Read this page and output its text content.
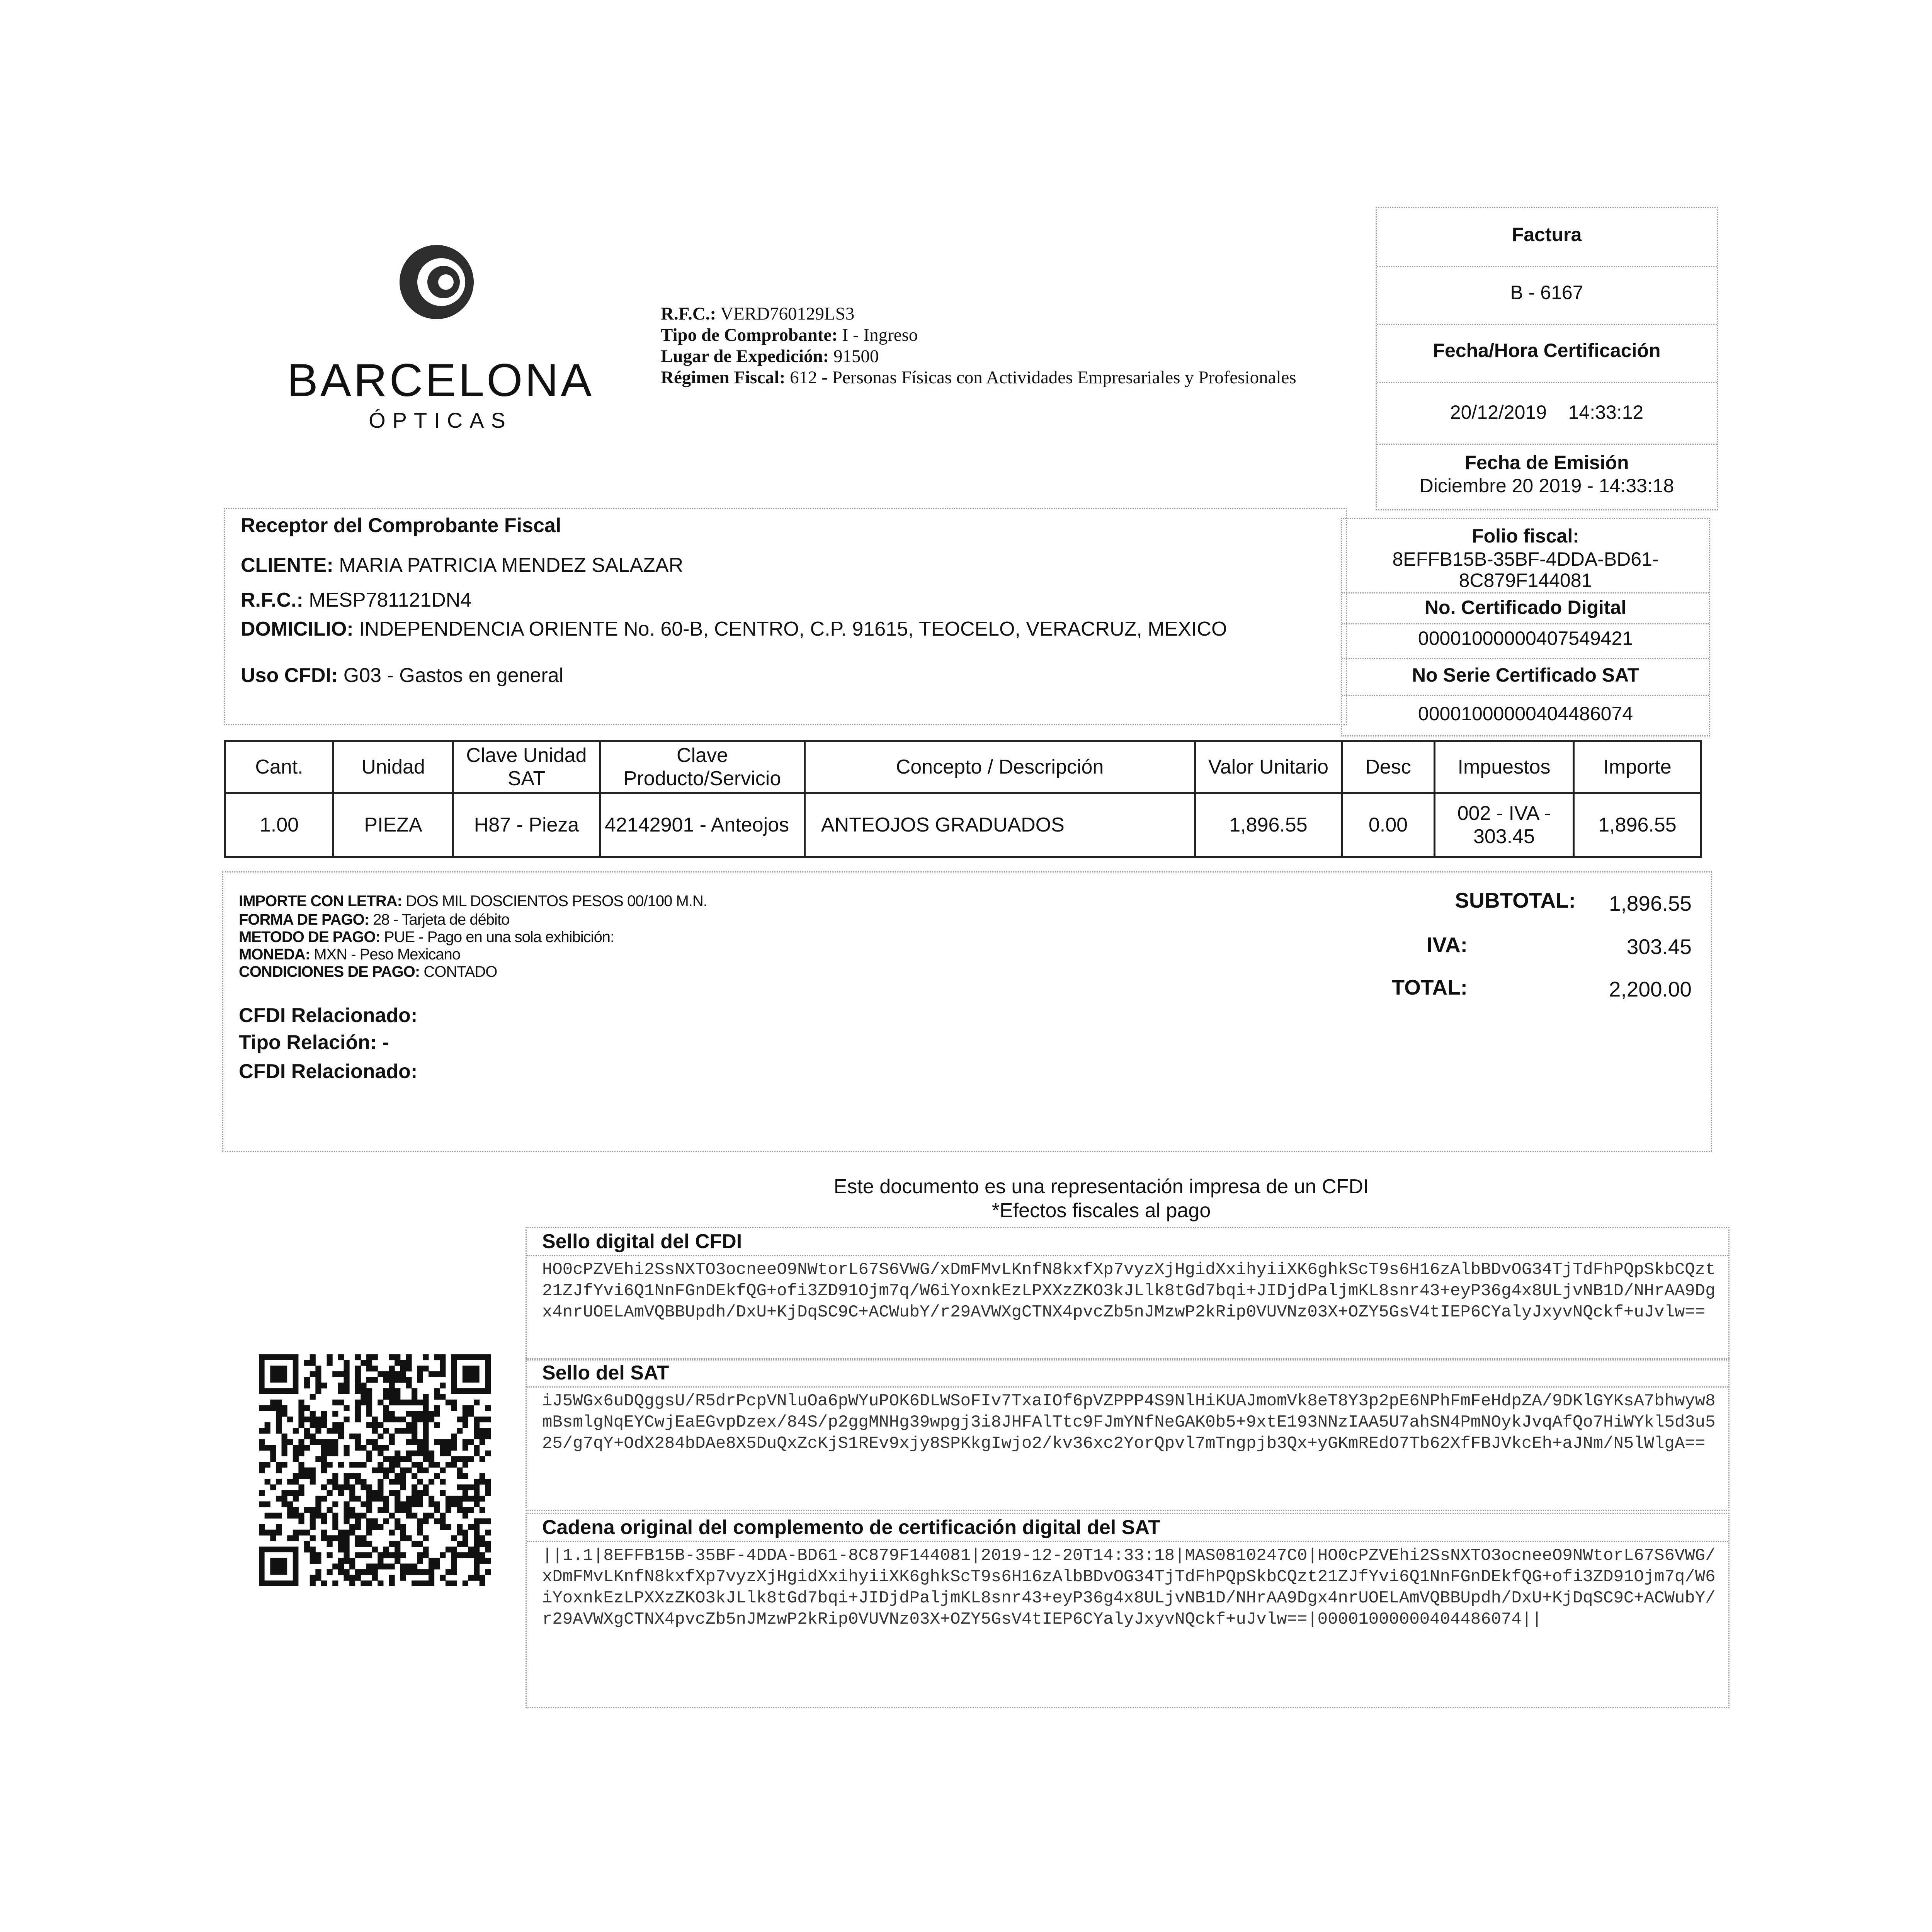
BARCELONA
ÓPTICAS
R.F.C.: VERD760129LS3
Tipo de Comprobante: I - Ingreso
Lugar de Expedición: 91500
Régimen Fiscal: 612 - Personas Físicas con Actividades Empresariales y Profesionales
Factura
B - 6167
Fecha/Hora Certificación
20/12/2019 14:33:12
Fecha de Emisión
Diciembre 20 2019 - 14:33:18
Receptor del Comprobante Fiscal
CLIENTE: MARIA PATRICIA MENDEZ SALAZAR
R.F.C.: MESP781121DN4
DOMICILIO: INDEPENDENCIA ORIENTE No. 60-B, CENTRO, C.P. 91615, TEOCELO, VERACRUZ, MEXICO
Uso CFDI: G03 - Gastos en general
Folio fiscal:
8EFFB15B-35BF-4DDA-BD61-
8C879F144081
No. Certificado Digital
00001000000407549421
No Serie Certificado SAT
00001000000404486074
Cant.	Unidad	Clave Unidad SAT	Clave Producto/Servicio	Concepto / Descripción	Valor Unitario	Desc	Impuestos	Importe
1.00	PIEZA	H87 - Pieza	42142901 - Anteojos	ANTEOJOS GRADUADOS	1,896.55	0.00	002 - IVA - 303.45	1,896.55
IMPORTE CON LETRA: DOS MIL DOSCIENTOS PESOS 00/100 M.N.
FORMA DE PAGO: 28 - Tarjeta de débito
METODO DE PAGO: PUE - Pago en una sola exhibición:
MONEDA: MXN - Peso Mexicano
CONDICIONES DE PAGO: CONTADO
CFDI Relacionado:
Tipo Relación: -
CFDI Relacionado:
SUBTOTAL:	1,896.55
IVA:	303.45
TOTAL:	2,200.00
Este documento es una representación impresa de un CFDI
*Efectos fiscales al pago
Sello digital del CFDI
HO0cPZVEhi2SsNXTO3ocneeO9NWtorL67S6VWG/xDmFMvLKnfN8kxfXp7vyzXjHgidXxihyiiXK6ghkScT9s6H16zAlbBDvOG34TjTdFhPQpSkbCQzt21ZJfYvi6Q1NnFGnDEkfQG+ofi3ZD91Ojm7q/W6iYoxnkEzLPXXzZKO3kJLlk8tGd7bqi+JIDjdPaljmKL8snr43+eyP36g4x8ULjvNB1D/NHrAA9Dgx4nrUOELAmVQBBUpdh/DxU+KjDqSC9C+ACWubY/r29AVWXgCTNX4pvcZb5nJMzwP2kRip0VUVNz03X+OZY5GsV4tIEP6CYalyJxyvNQckf+uJvlw==
Sello del SAT
iJ5WGx6uDQggsU/R5drPcpVNluOa6pWYuPOK6DLWSoFIv7TxaIOf6pVZPPP4S9NlHiKUAJmomVk8eT8Y3p2pE6NPhFmFeHdpZA/9DKlGYKsA7bhwyw8mBsmlgNqEYCwjEaEGvpDzex/84S/p2ggMNHg39wpgj3i8JHFAlTtc9FJmYNfNeGAK0b5+9xtE193NNzIAA5U7ahSN4PmNOykJvqAfQo7HiWYkl5d3u525/g7qY+OdX284bDAe8X5DuQxZcKjS1REv9xjy8SPKkgIwjo2/kv36xc2YorQpvl7mTngpjb3Qx+yGKmREdO7Tb62XfFBJVkcEh+aJNm/N5lWlgA==
Cadena original del complemento de certificación digital del SAT
||1.1|8EFFB15B-35BF-4DDA-BD61-8C879F144081|2019-12-20T14:33:18|MAS0810247C0|HO0cPZVEhi2SsNXTO3ocneeO9NWtorL67S6VWG/xDmFMvLKnfN8kxfXp7vyzXjHgidXxihyiiXK6ghkScT9s6H16zAlbBDvOG34TjTdFhPQpSkbCQzt21ZJfYvi6Q1NnFGnDEkfQG+ofi3ZD91Ojm7q/W6iYoxnkEzLPXXzZKO3kJLlk8tGd7bqi+JIDjdPaljmKL8snr43+eyP36g4x8ULjvNB1D/NHrAA9Dgx4nrUOELAmVQBBUpdh/DxU+KjDqSC9C+ACWubY/r29AVWXgCTNX4pvcZb5nJMzwP2kRip0VUVNz03X+OZY5GsV4tIEP6CYalyJxyvNQckf+uJvlw==|00001000000404486074||
